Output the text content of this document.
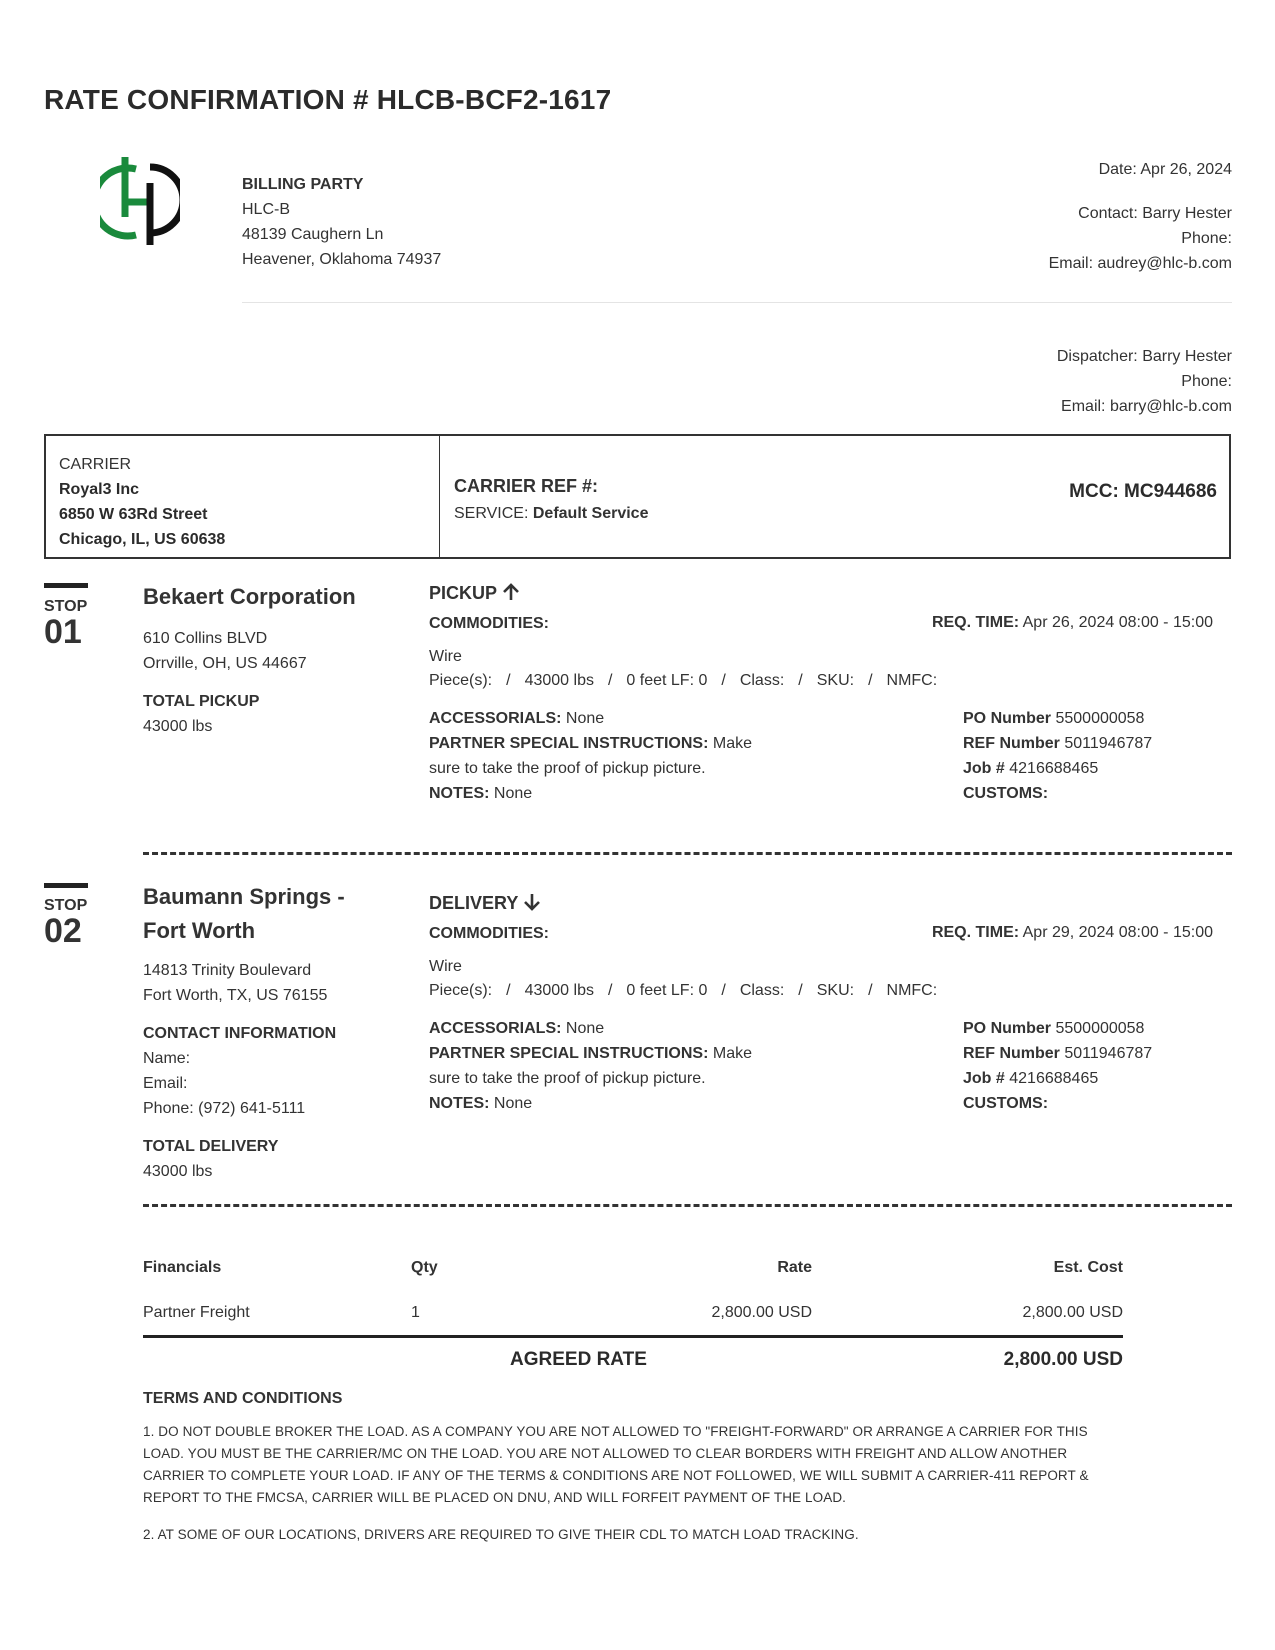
RATE CONFIRMATION # HLCB-BCF2-1617
BILLING PARTY
HLC-B
48139 Caughern Ln
Heavener, Oklahoma 74937
Date: Apr 26, 2024
Contact: Barry Hester
Phone:
Email: audrey@hlc-b.com
Dispatcher: Barry Hester
Phone:
Email: barry@hlc-b.com
CARRIER
Royal3 Inc
6850 W 63Rd Street
Chicago, IL, US 60638
CARRIER REF #:
SERVICE: Default Service
MCC: MC944686
STOP
01
Bekaert Corporation
610 Collins BLVD
Orrville, OH, US 44667
TOTAL PICKUP
43000 lbs
PICKUP
COMMODITIES:	REQ. TIME: Apr 26, 2024 08:00 - 15:00
Wire
Piece(s): / 43000 lbs / 0 feet LF: 0 / Class: / SKU: / NMFC:
ACCESSORIALS: None
PARTNER SPECIAL INSTRUCTIONS: Make
sure to take the proof of pickup picture.
NOTES: None
PO Number 5500000058
REF Number 5011946787
Job # 4216688465
CUSTOMS:
STOP
02
Baumann Springs -
Fort Worth
14813 Trinity Boulevard
Fort Worth, TX, US 76155
CONTACT INFORMATION
Name:
Email:
Phone: (972) 641-5111
TOTAL DELIVERY
43000 lbs
DELIVERY
COMMODITIES:	REQ. TIME: Apr 29, 2024 08:00 - 15:00
Wire
Piece(s): / 43000 lbs / 0 feet LF: 0 / Class: / SKU: / NMFC:
ACCESSORIALS: None
PARTNER SPECIAL INSTRUCTIONS: Make
sure to take the proof of pickup picture.
NOTES: None
PO Number 5500000058
REF Number 5011946787
Job # 4216688465
CUSTOMS:
Financials	Qty	Rate	Est. Cost
Partner Freight	1	2,800.00 USD	2,800.00 USD
AGREED RATE	2,800.00 USD
TERMS AND CONDITIONS
1. DO NOT DOUBLE BROKER THE LOAD. AS A COMPANY YOU ARE NOT ALLOWED TO "FREIGHT-FORWARD" OR ARRANGE A CARRIER FOR THIS LOAD. YOU MUST BE THE CARRIER/MC ON THE LOAD. YOU ARE NOT ALLOWED TO CLEAR BORDERS WITH FREIGHT AND ALLOW ANOTHER CARRIER TO COMPLETE YOUR LOAD. IF ANY OF THE TERMS & CONDITIONS ARE NOT FOLLOWED, WE WILL SUBMIT A CARRIER-411 REPORT & REPORT TO THE FMCSA, CARRIER WILL BE PLACED ON DNU, AND WILL FORFEIT PAYMENT OF THE LOAD.
2. AT SOME OF OUR LOCATIONS, DRIVERS ARE REQUIRED TO GIVE THEIR CDL TO MATCH LOAD TRACKING.
